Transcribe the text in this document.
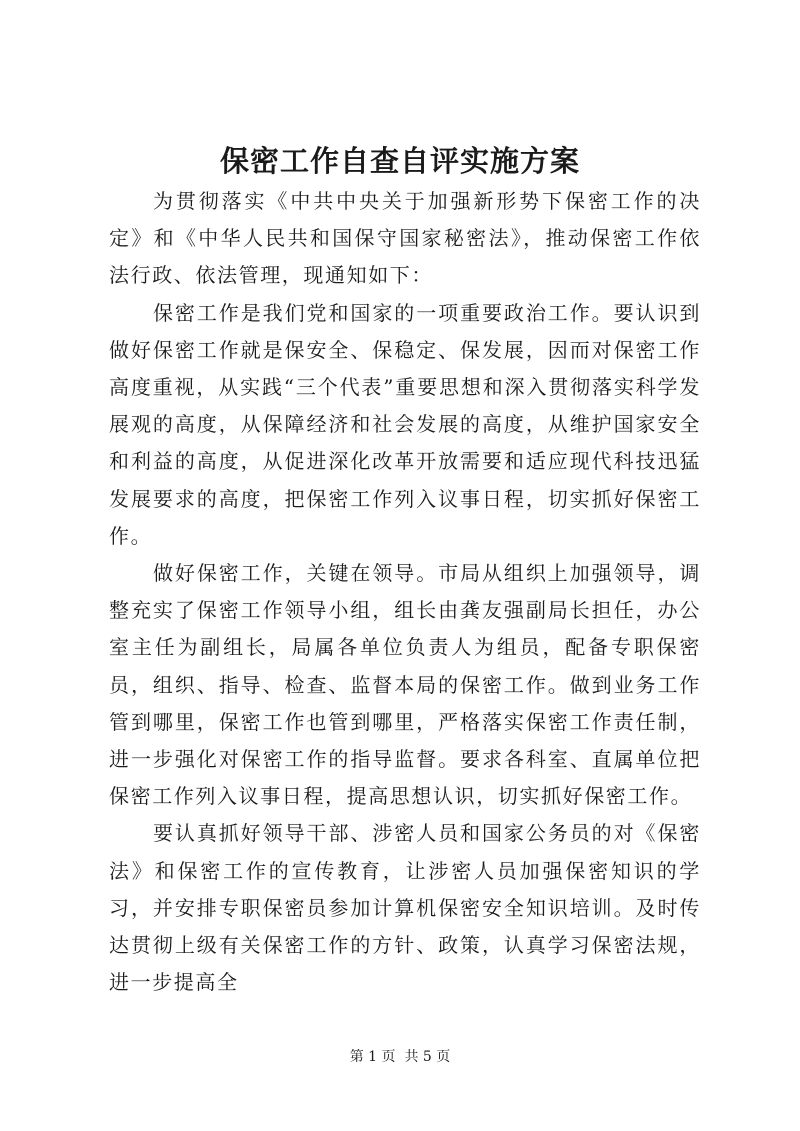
保密工作自查自评实施方案

为贯彻落实《中共中央关于加强新形势下保密工作的决定》和《中华人民共和国保守国家秘密法》，推动保密工作依法行政、依法管理，现通知如下：

保密工作是我们党和国家的一项重要政治工作。要认识到做好保密工作就是保安全、保稳定、保发展，因而对保密工作高度重视，从实践“三个代表”重要思想和深入贯彻落实科学发展观的高度，从保障经济和社会发展的高度，从维护国家安全和利益的高度，从促进深化改革开放需要和适应现代科技迅猛发展要求的高度，把保密工作列入议事日程，切实抓好保密工作。

做好保密工作，关键在领导。市局从组织上加强领导，调整充实了保密工作领导小组，组长由龚友强副局长担任，办公室主任为副组长，局属各单位负责人为组员，配备专职保密员，组织、指导、检查、监督本局的保密工作。做到业务工作管到哪里，保密工作也管到哪里，严格落实保密工作责任制，进一步强化对保密工作的指导监督。要求各科室、直属单位把保密工作列入议事日程，提高思想认识，切实抓好保密工作。

要认真抓好领导干部、涉密人员和国家公务员的对《保密法》和保密工作的宣传教育，让涉密人员加强保密知识的学习，并安排专职保密员参加计算机保密安全知识培训。及时传达贯彻上级有关保密工作的方针、政策，认真学习保密法规，进一步提高全

第 1 页  共 5 页
